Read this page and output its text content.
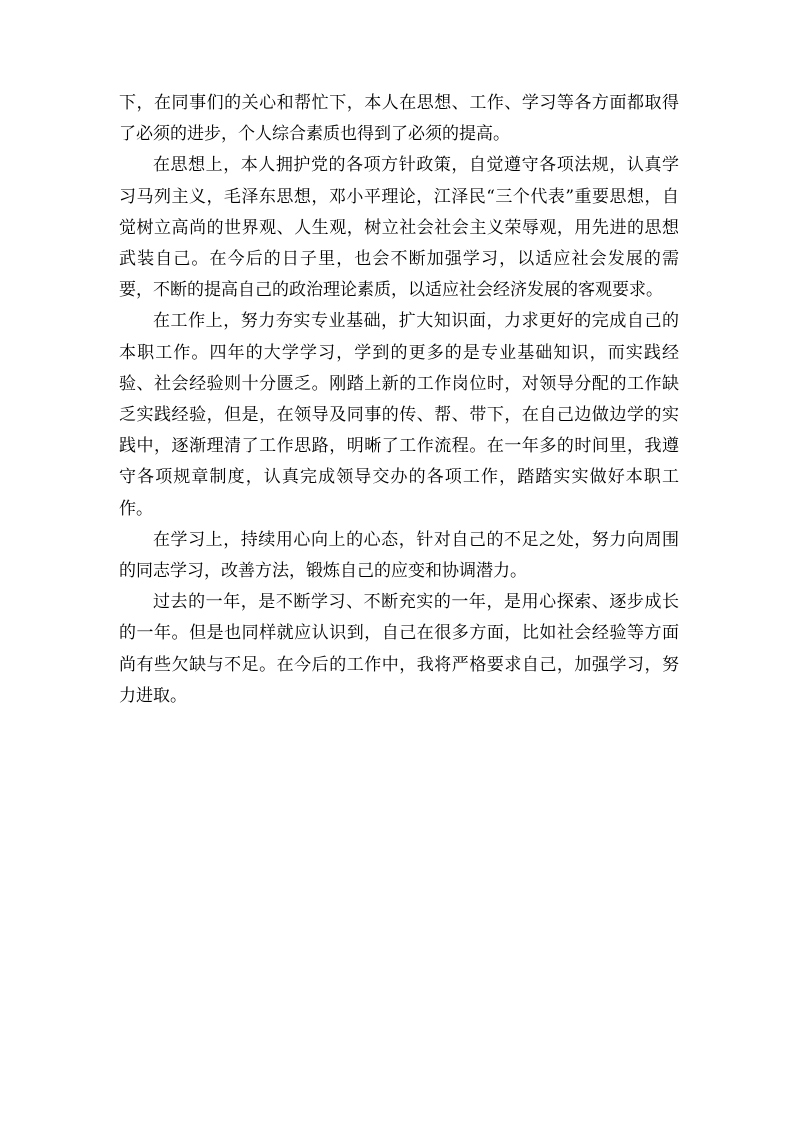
下，在同事们的关心和帮忙下，本人在思想、工作、学习等各方面都取得了必须的进步，个人综合素质也得到了必须的提高。

在思想上，本人拥护党的各项方针政策，自觉遵守各项法规，认真学习马列主义，毛泽东思想，邓小平理论，江泽民“三个代表”重要思想，自觉树立高尚的世界观、人生观，树立社会社会主义荣辱观，用先进的思想武装自己。在今后的日子里，也会不断加强学习，以适应社会发展的需要，不断的提高自己的政治理论素质，以适应社会经济发展的客观要求。

在工作上，努力夯实专业基础，扩大知识面，力求更好的完成自己的本职工作。四年的大学学习，学到的更多的是专业基础知识，而实践经验、社会经验则十分匮乏。刚踏上新的工作岗位时，对领导分配的工作缺乏实践经验，但是，在领导及同事的传、帮、带下，在自己边做边学的实践中，逐渐理清了工作思路，明晰了工作流程。在一年多的时间里，我遵守各项规章制度，认真完成领导交办的各项工作，踏踏实实做好本职工作。

在学习上，持续用心向上的心态，针对自己的不足之处，努力向周围的同志学习，改善方法，锻炼自己的应变和协调潜力。

过去的一年，是不断学习、不断充实的一年，是用心探索、逐步成长的一年。但是也同样就应认识到，自己在很多方面，比如社会经验等方面尚有些欠缺与不足。在今后的工作中，我将严格要求自己，加强学习，努力进取。
